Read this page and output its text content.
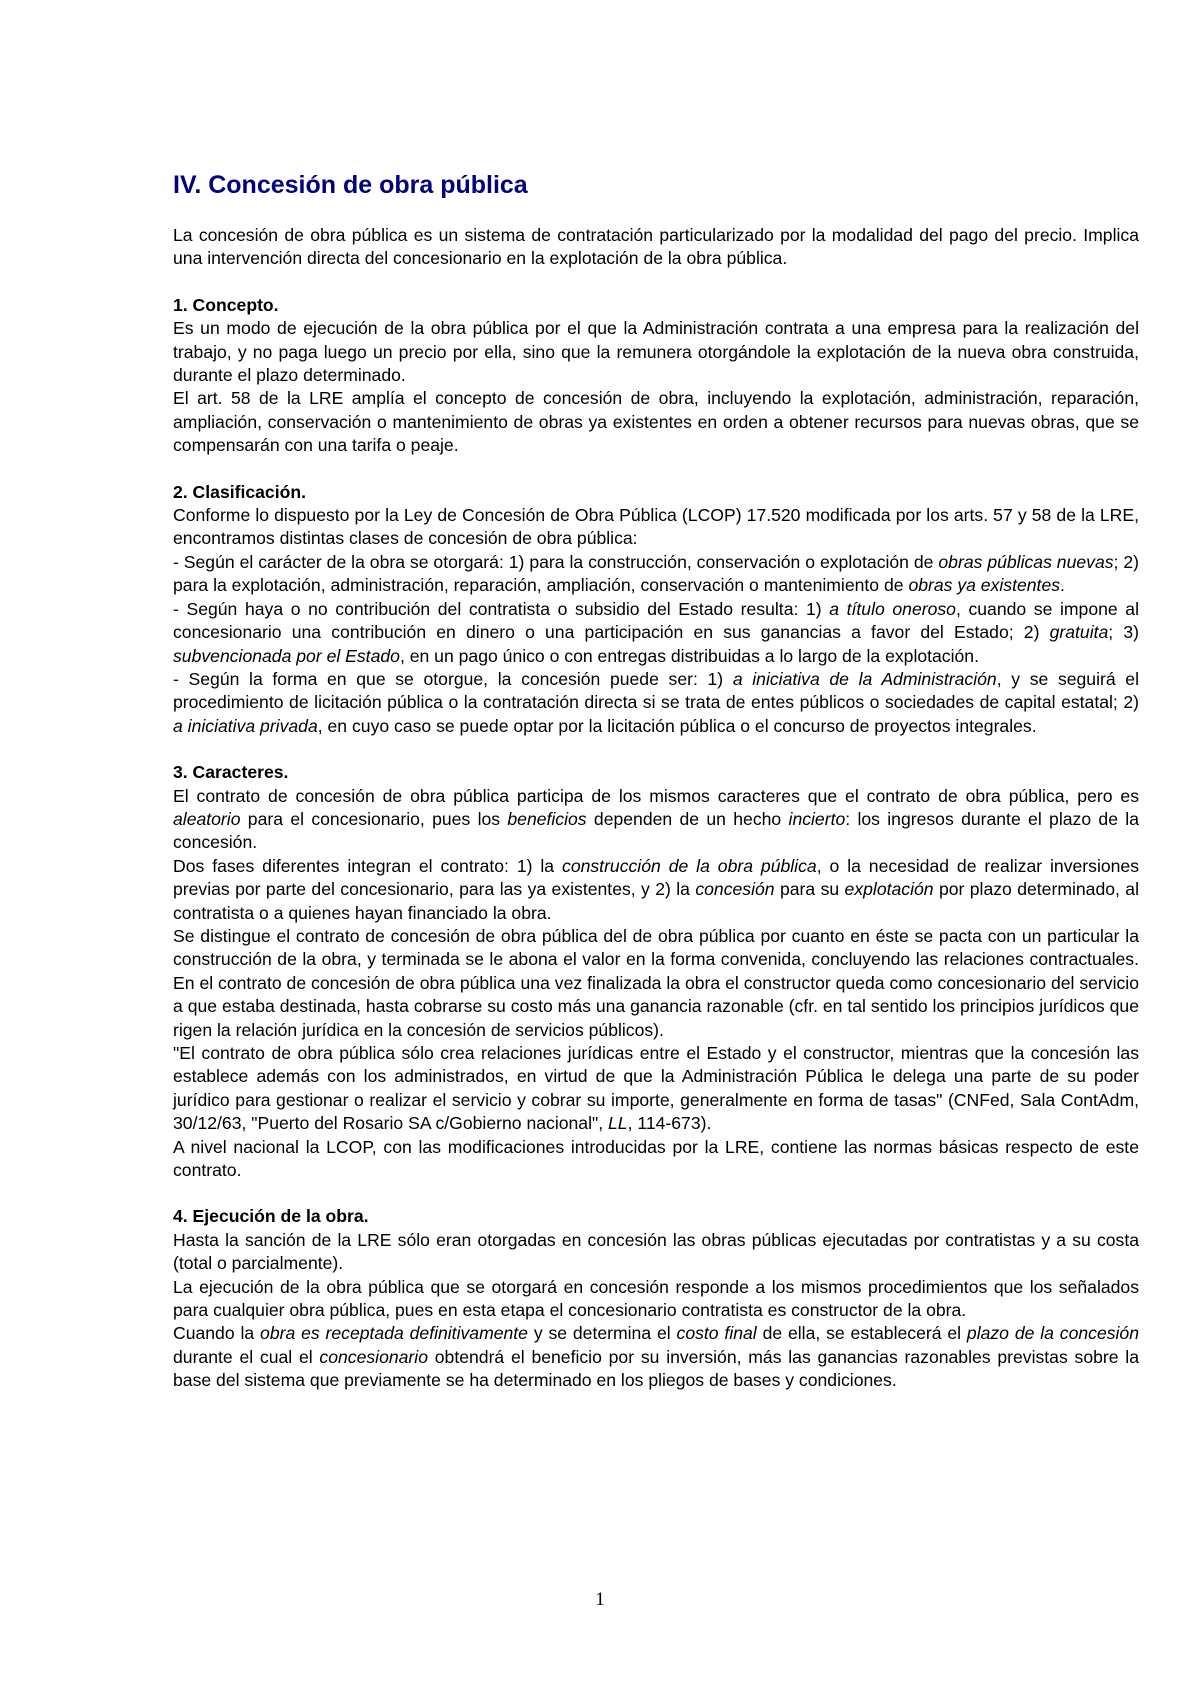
IV. Concesión de obra pública

La concesión de obra pública es un sistema de contratación particularizado por la modalidad del pago del precio. Implica una intervención directa del concesionario en la explotación de la obra pública.

1. Concepto.

Es un modo de ejecución de la obra pública por el que la Administración contrata a una empresa para la realización del trabajo, y no paga luego un precio por ella, sino que la remunera otorgándole la explotación de la nueva obra construida, durante el plazo determinado.

El art. 58 de la LRE amplía el concepto de concesión de obra, incluyendo la explotación, administración, reparación, ampliación, conservación o mantenimiento de obras ya existentes en orden a obtener recursos para nuevas obras, que se compensarán con una tarifa o peaje.

2. Clasificación.

Conforme lo dispuesto por la Ley de Concesión de Obra Pública (LCOP) 17.520 modificada por los arts. 57 y 58 de la LRE, encontramos distintas clases de concesión de obra pública:

- Según el carácter de la obra se otorgará: 1) para la construcción, conservación o explotación de obras públicas nuevas; 2) para la explotación, administración, reparación, ampliación, conservación o mantenimiento de obras ya existentes.

- Según haya o no contribución del contratista o subsidio del Estado resulta: 1) a título oneroso, cuando se impone al concesionario una contribución en dinero o una participación en sus ganancias a favor del Estado; 2) gratuita; 3) subvencionada por el Estado, en un pago único o con entregas distribuidas a lo largo de la explotación.

- Según la forma en que se otorgue, la concesión puede ser: 1) a iniciativa de la Administración, y se seguirá el procedimiento de licitación pública o la contratación directa si se trata de entes públicos o sociedades de capital estatal; 2) a iniciativa privada, en cuyo caso se puede optar por la licitación pública o el concurso de proyectos integrales.

3. Caracteres.

El contrato de concesión de obra pública participa de los mismos caracteres que el contrato de obra pública, pero es aleatorio para el concesionario, pues los beneficios dependen de un hecho incierto: los ingresos durante el plazo de la concesión.

Dos fases diferentes integran el contrato: 1) la construcción de la obra pública, o la necesidad de realizar inversiones previas por parte del concesionario, para las ya existentes, y 2) la concesión para su explotación por plazo determinado, al contratista o a quienes hayan financiado la obra.

Se distingue el contrato de concesión de obra pública del de obra pública por cuanto en éste se pacta con un particular la construcción de la obra, y terminada se le abona el valor en la forma convenida, concluyendo las relaciones contractuales. En el contrato de concesión de obra pública una vez finalizada la obra el constructor queda como concesionario del servicio a que estaba destinada, hasta cobrarse su costo más una ganancia razonable (cfr. en tal sentido los principios jurídicos que rigen la relación jurídica en la concesión de servicios públicos).

"El contrato de obra pública sólo crea relaciones jurídicas entre el Estado y el constructor, mientras que la concesión las establece además con los administrados, en virtud de que la Administración Pública le delega una parte de su poder jurídico para gestionar o realizar el servicio y cobrar su importe, generalmente en forma de tasas" (CNFed, Sala ContAdm, 30/12/63, "Puerto del Rosario SA c/Gobierno nacional", LL, 114-673).

A nivel nacional la LCOP, con las modificaciones introducidas por la LRE, contiene las normas básicas respecto de este contrato.

4. Ejecución de la obra.

Hasta la sanción de la LRE sólo eran otorgadas en concesión las obras públicas ejecutadas por contratistas y a su costa (total o parcialmente).

La ejecución de la obra pública que se otorgará en concesión responde a los mismos procedimientos que los señalados para cualquier obra pública, pues en esta etapa el concesionario contratista es constructor de la obra.

Cuando la obra es receptada definitivamente y se determina el costo final de ella, se establecerá el plazo de la concesión durante el cual el concesionario obtendrá el beneficio por su inversión, más las ganancias razonables previstas sobre la base del sistema que previamente se ha determinado en los pliegos de bases y condiciones.

1
